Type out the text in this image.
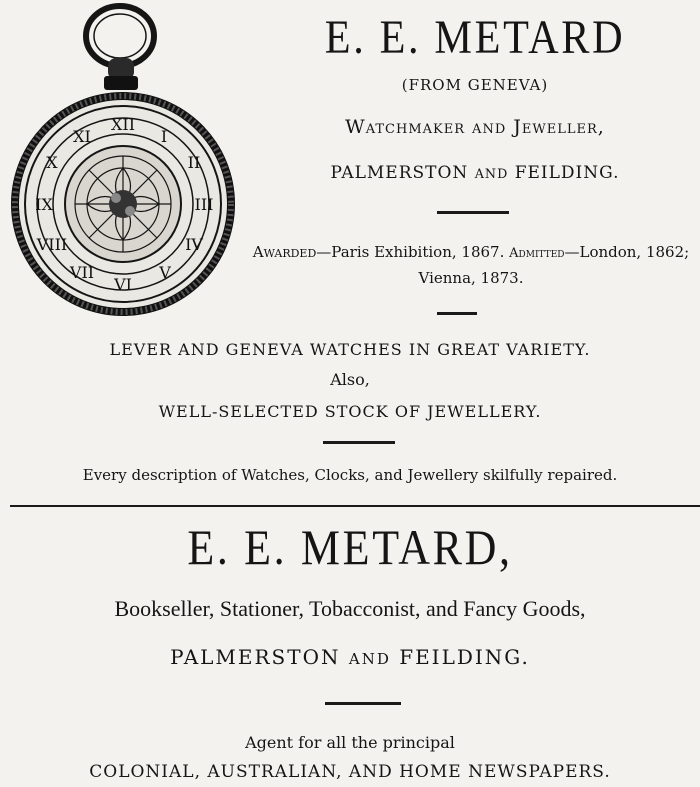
XII
I
II
III
IV
V
VI
VII
VIII
IX
X
XI
E. E. METARD
(FROM GENEVA)
Watchmaker and Jeweller,
PALMERSTON AND FEILDING.
Awarded—Paris Exhibition, 1867. Admitted—London, 1862; Vienna, 1873.
LEVER AND GENEVA WATCHES IN GREAT VARIETY.
Also,
WELL-SELECTED STOCK OF JEWELLERY.
Every description of Watches, Clocks, and Jewellery skilfully repaired.
E. E. METARD,
Bookseller, Stationer, Tobacconist, and Fancy Goods,
PALMERSTON AND FEILDING.
Agent for all the principal
COLONIAL, AUSTRALIAN, AND HOME NEWSPAPERS.
